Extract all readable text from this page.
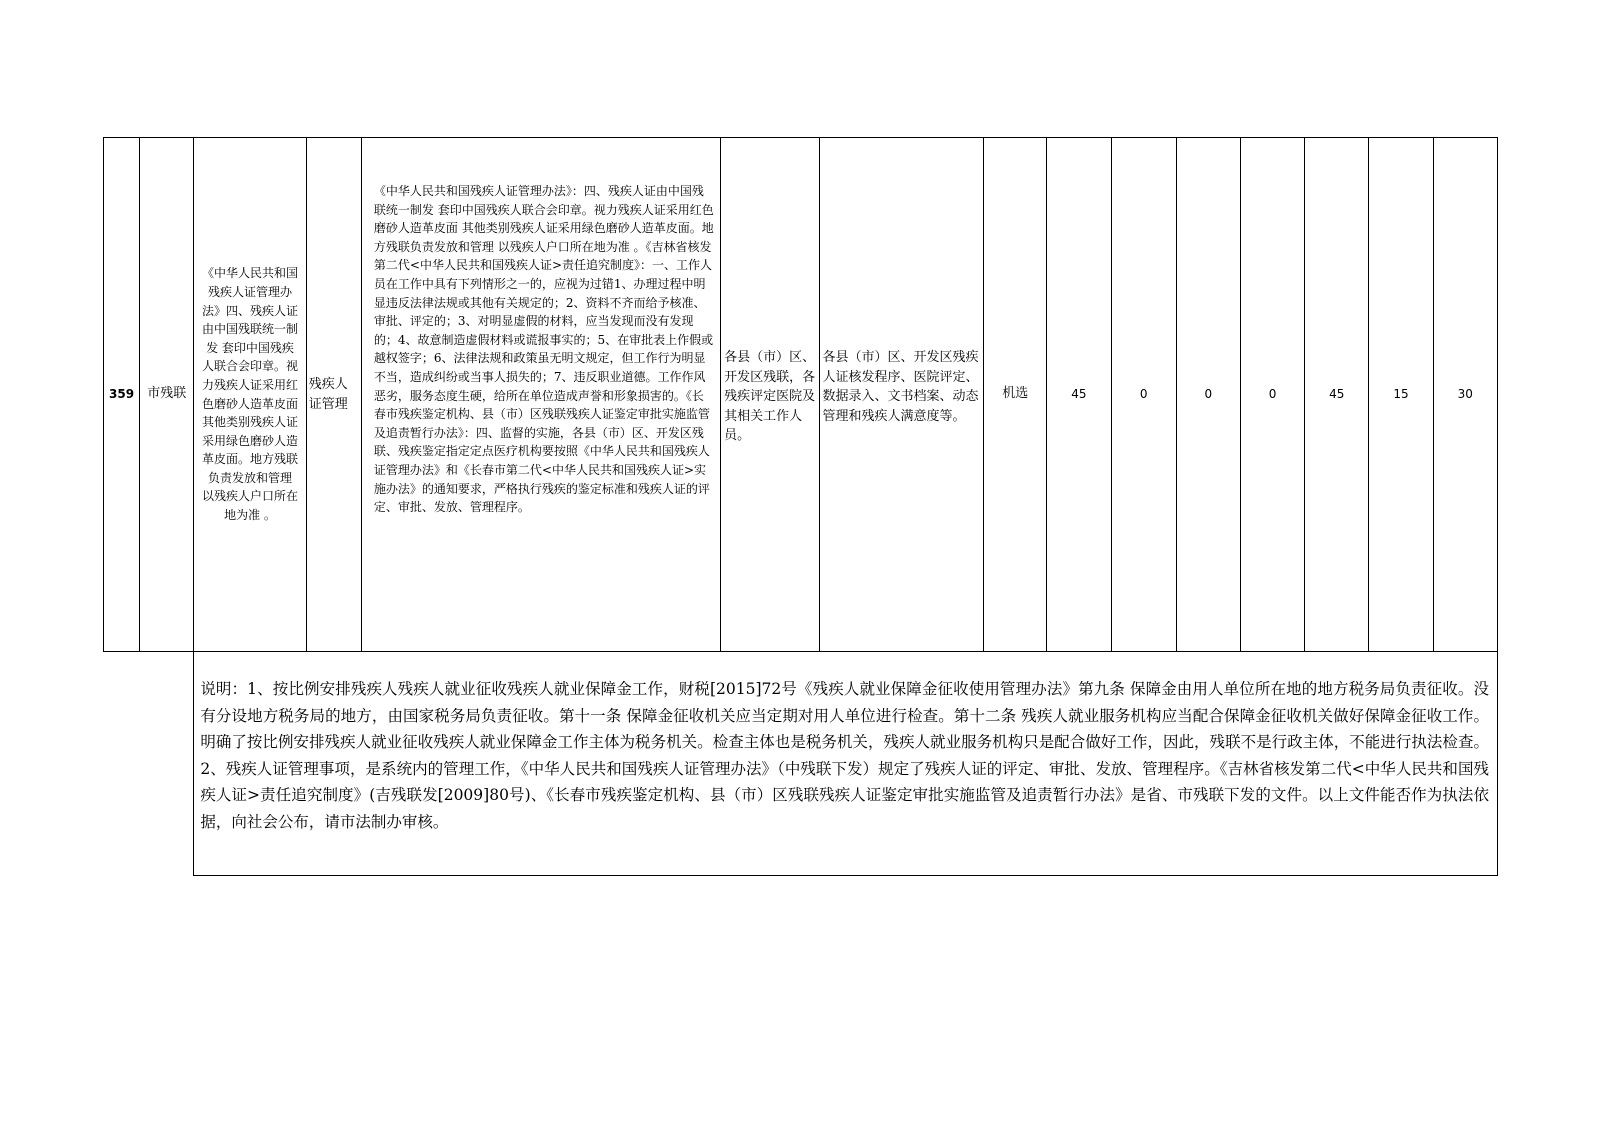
359	市残联	《中华人民共和国残疾人证管理办法》四、残疾人证由中国残联统一制发 套印中国残疾人联合会印章。视力残疾人证采用红色磨砂人造革皮面 其他类别残疾人证采用绿色磨砂人造革皮面。地方残联负责发放和管理 以残疾人户口所在地为准 。	残疾人证管理	《中华人民共和国残疾人证管理办法》：四、残疾人证由中国残联统一制发 套印中国残疾人联合会印章。视力残疾人证采用红色磨砂人造革皮面 其他类别残疾人证采用绿色磨砂人造革皮面。地方残联负责发放和管理 以残疾人户口所在地为准 。《吉林省核发第二代<中华人民共和国残疾人证>责任追究制度》：一、工作人员在工作中具有下列情形之一的，应视为过错1、办理过程中明显违反法律法规或其他有关规定的；2、资料不齐而给予核准、审批、评定的；3、对明显虚假的材料，应当发现而没有发现的；4、故意制造虚假材料或谎报事实的；5、在审批表上作假或越权签字；6、法律法规和政策虽无明文规定，但工作行为明显不当，造成纠纷或当事人损失的；7、违反职业道德。工作作风恶劣，服务态度生硬，给所在单位造成声誉和形象损害的。《长春市残疾鉴定机构、县（市）区残联残疾人证鉴定审批实施监管及追责暂行办法》：四、监督的实施，各县（市）区、开发区残联、残疾鉴定指定定点医疗机构要按照《中华人民共和国残疾人证管理办法》和《长春市第二代<中华人民共和国残疾人证>实施办法》的通知要求，严格执行残疾的鉴定标准和残疾人证的评定、审批、发放、管理程序。	各县（市）区、开发区残联，各残疾评定医院及其相关工作人员。	各县（市）区、开发区残疾人证核发程序、医院评定、数据录入、文书档案、动态管理和残疾人满意度等。	机选	45	0	0	0	45	15	30
		说明：1、按比例安排残疾人残疾人就业征收残疾人就业保障金工作，财税[2015]72号《残疾人就业保障金征收使用管理办法》第九条 保障金由用人单位所在地的地方税务局负责征收。没有分设地方税务局的地方，由国家税务局负责征收。第十一条 保障金征收机关应当定期对用人单位进行检查。第十二条 残疾人就业服务机构应当配合保障金征收机关做好保障金征收工作。明确了按比例安排残疾人就业征收残疾人就业保障金工作主体为税务机关。检查主体也是税务机关，残疾人就业服务机构只是配合做好工作，因此，残联不是行政主体，不能进行执法检查。2、残疾人证管理事项，是系统内的管理工作，《中华人民共和国残疾人证管理办法》（中残联下发）规定了残疾人证的评定、审批、发放、管理程序。《吉林省核发第二代<中华人民共和国残疾人证>责任追究制度》(吉残联发[2009]80号)、《长春市残疾鉴定机构、县（市）区残联残疾人证鉴定审批实施监管及追责暂行办法》是省、市残联下发的文件。以上文件能否作为执法依据，向社会公布，请市法制办审核。												
